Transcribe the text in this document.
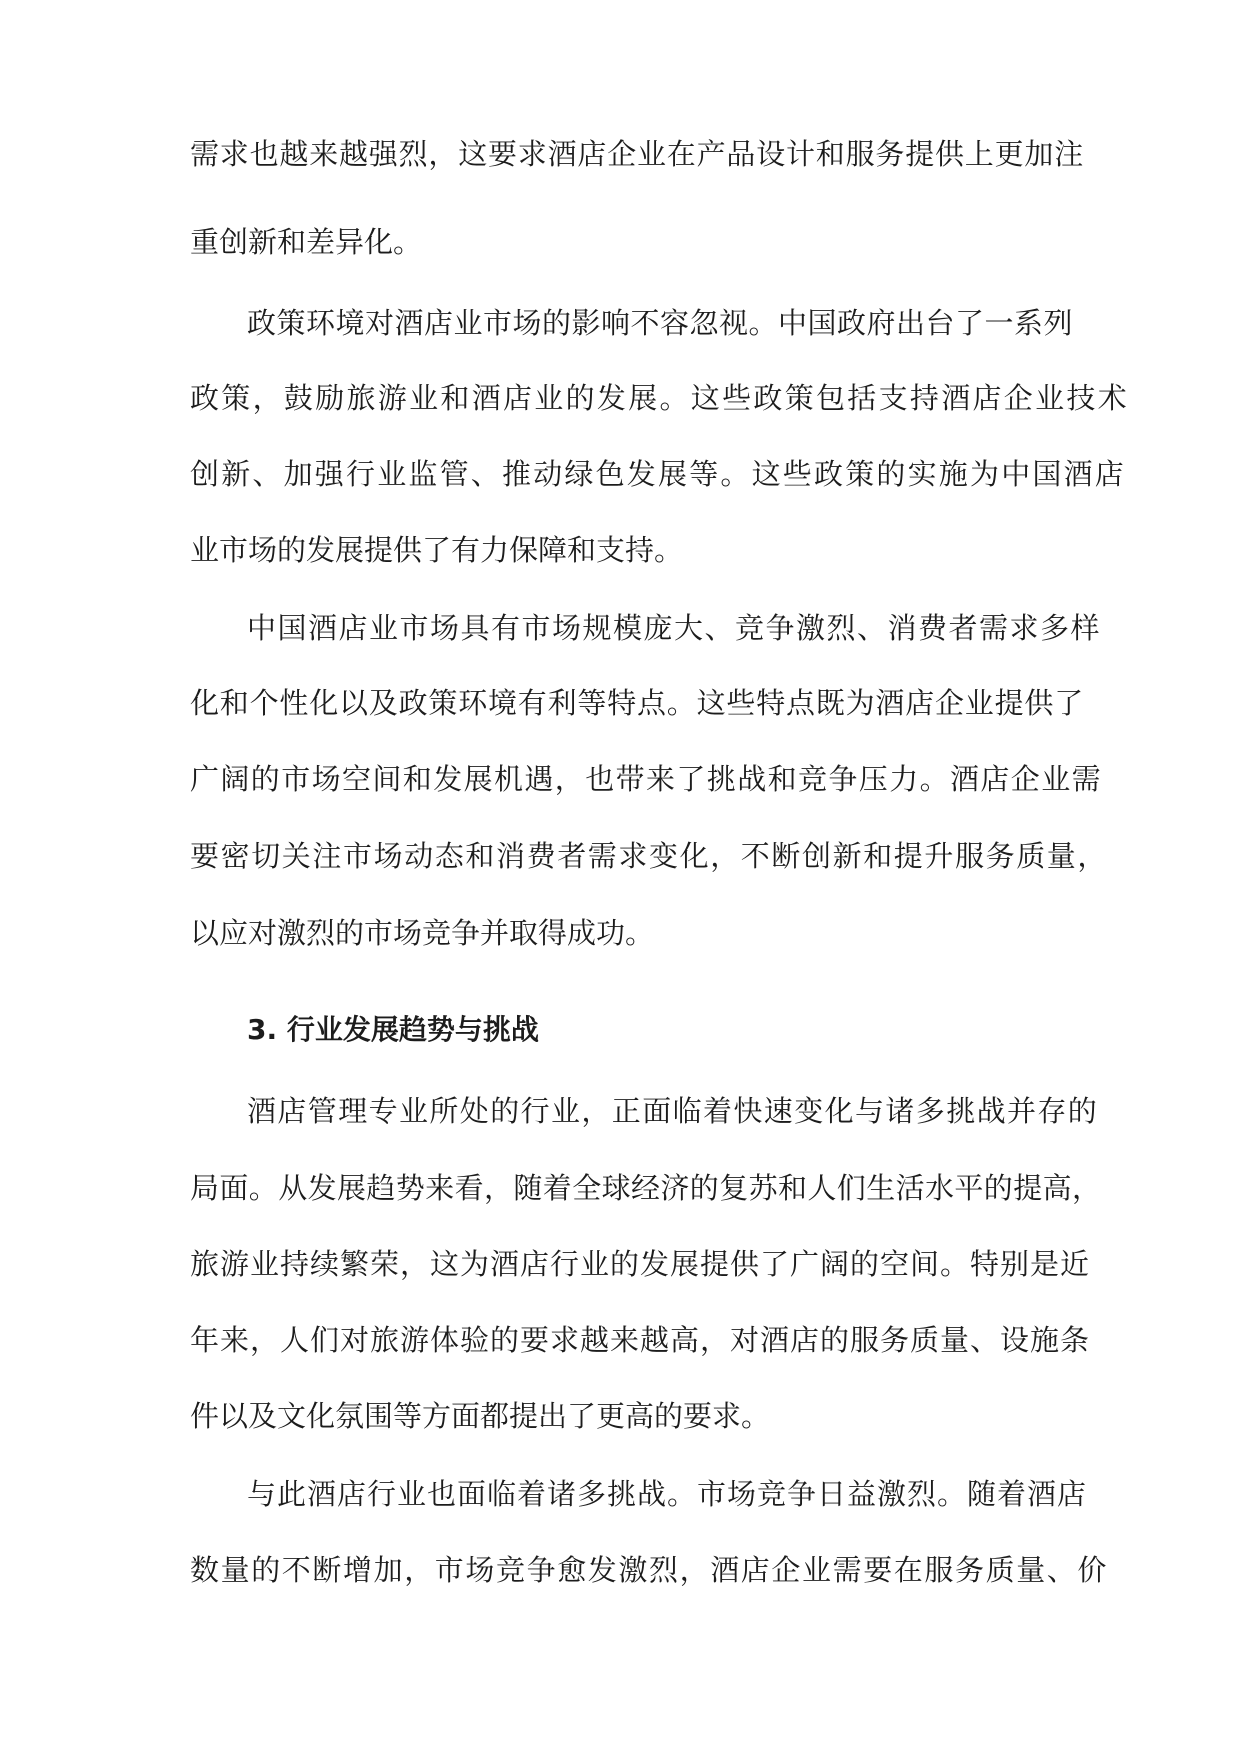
需求也越来越强烈，这要求酒店企业在产品设计和服务提供上更加注
重创新和差异化。
政策环境对酒店业市场的影响不容忽视。中国政府出台了一系列
政策，鼓励旅游业和酒店业的发展。这些政策包括支持酒店企业技术
创新、加强行业监管、推动绿色发展等。这些政策的实施为中国酒店
业市场的发展提供了有力保障和支持。
中国酒店业市场具有市场规模庞大、竞争激烈、消费者需求多样
化和个性化以及政策环境有利等特点。这些特点既为酒店企业提供了
广阔的市场空间和发展机遇，也带来了挑战和竞争压力。酒店企业需
要密切关注市场动态和消费者需求变化，不断创新和提升服务质量，
以应对激烈的市场竞争并取得成功。
3. 行业发展趋势与挑战
酒店管理专业所处的行业，正面临着快速变化与诸多挑战并存的
局面。从发展趋势来看，随着全球经济的复苏和人们生活水平的提高，
旅游业持续繁荣，这为酒店行业的发展提供了广阔的空间。特别是近
年来，人们对旅游体验的要求越来越高，对酒店的服务质量、设施条
件以及文化氛围等方面都提出了更高的要求。
与此酒店行业也面临着诸多挑战。市场竞争日益激烈。随着酒店
数量的不断增加，市场竞争愈发激烈，酒店企业需要在服务质量、价
